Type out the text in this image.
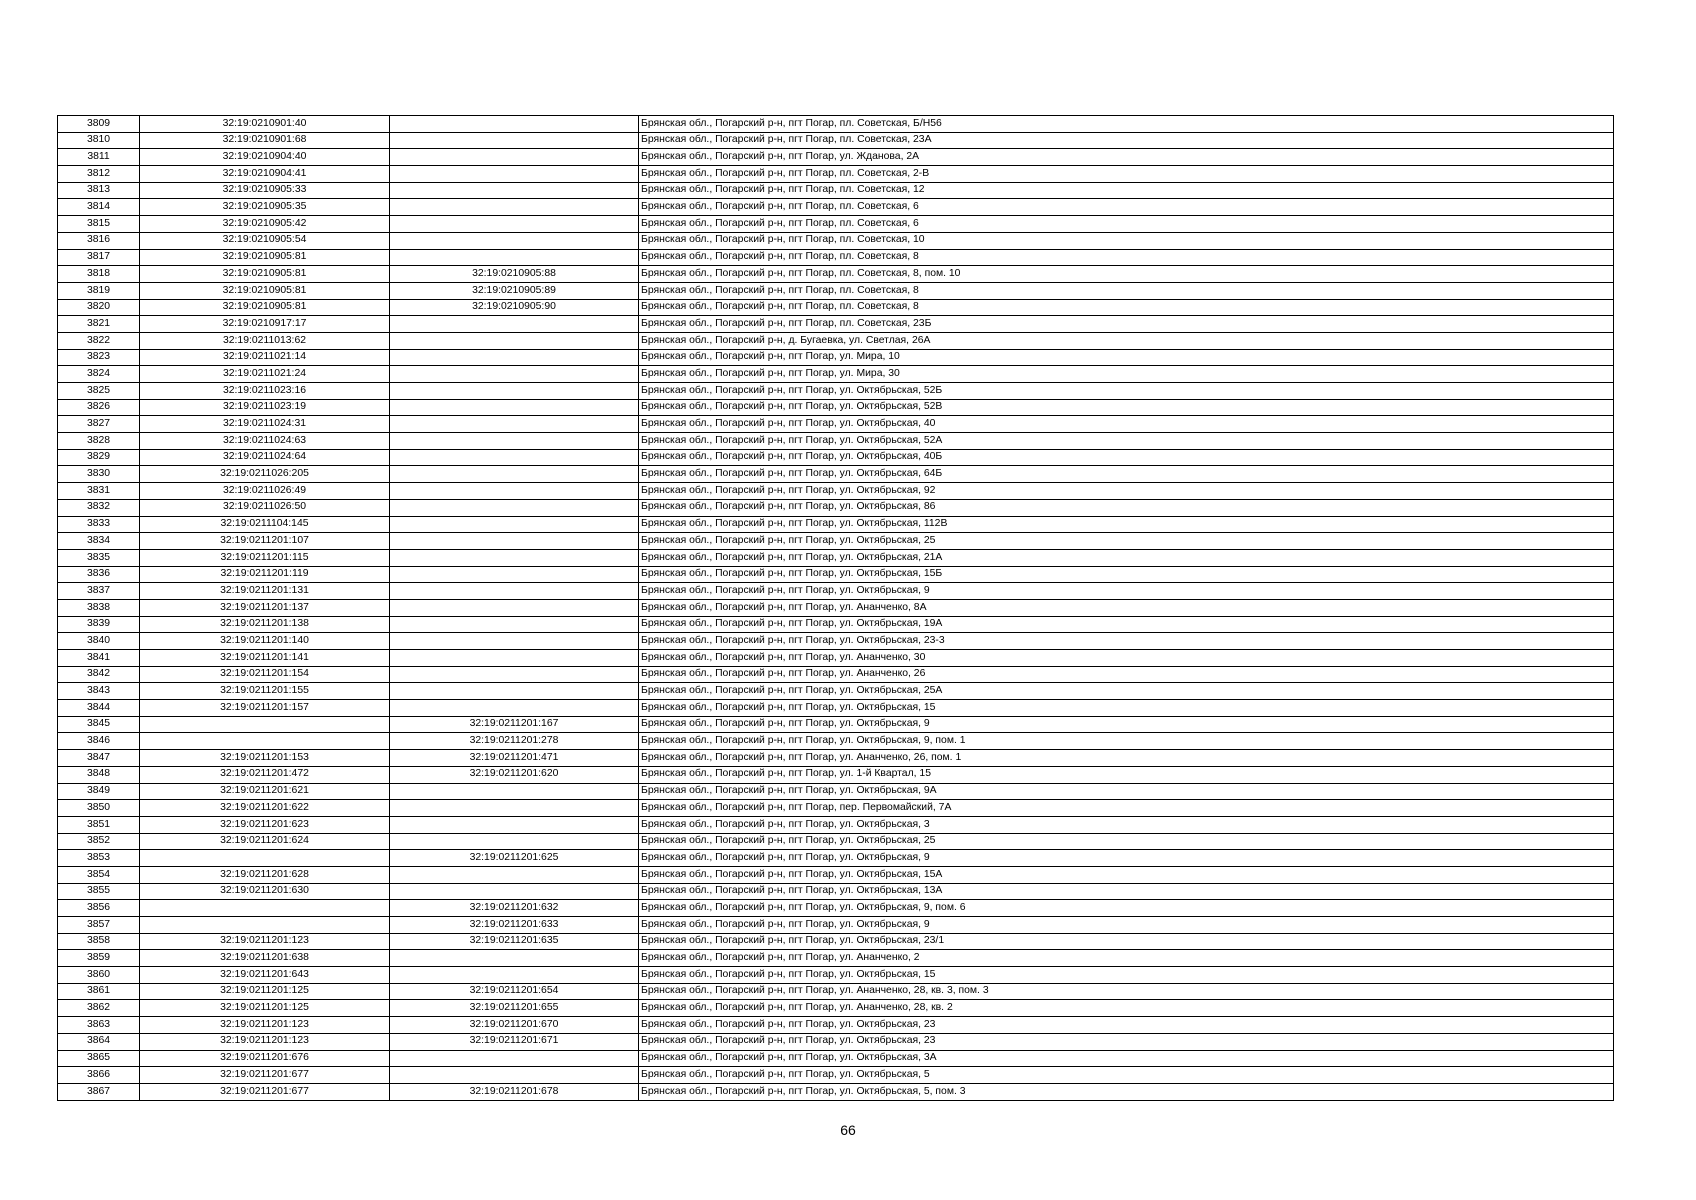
3809	32:19:0210901:40		Брянская обл., Погарский р-н, пгт Погар, пл. Советская, Б/Н56
3810	32:19:0210901:68		Брянская обл., Погарский р-н, пгт Погар, пл. Советская, 23А
3811	32:19:0210904:40		Брянская обл., Погарский р-н, пгт Погар, ул. Жданова, 2А
3812	32:19:0210904:41		Брянская обл., Погарский р-н, пгт Погар, пл. Советская, 2-В
3813	32:19:0210905:33		Брянская обл., Погарский р-н, пгт Погар, пл. Советская, 12
3814	32:19:0210905:35		Брянская обл., Погарский р-н, пгт Погар, пл. Советская, 6
3815	32:19:0210905:42		Брянская обл., Погарский р-н, пгт Погар, пл. Советская, 6
3816	32:19:0210905:54		Брянская обл., Погарский р-н, пгт Погар, пл. Советская, 10
3817	32:19:0210905:81		Брянская обл., Погарский р-н, пгт Погар, пл. Советская, 8
3818	32:19:0210905:81	32:19:0210905:88	Брянская обл., Погарский р-н, пгт Погар, пл. Советская, 8, пом. 10
3819	32:19:0210905:81	32:19:0210905:89	Брянская обл., Погарский р-н, пгт Погар, пл. Советская, 8
3820	32:19:0210905:81	32:19:0210905:90	Брянская обл., Погарский р-н, пгт Погар, пл. Советская, 8
3821	32:19:0210917:17		Брянская обл., Погарский р-н, пгт Погар, пл. Советская, 23Б
3822	32:19:0211013:62		Брянская обл., Погарский р-н, д. Бугаевка, ул. Светлая, 26А
3823	32:19:0211021:14		Брянская обл., Погарский р-н, пгт Погар, ул. Мира, 10
3824	32:19:0211021:24		Брянская обл., Погарский р-н, пгт Погар, ул. Мира, 30
3825	32:19:0211023:16		Брянская обл., Погарский р-н, пгт Погар, ул. Октябрьская, 52Б
3826	32:19:0211023:19		Брянская обл., Погарский р-н, пгт Погар, ул. Октябрьская, 52В
3827	32:19:0211024:31		Брянская обл., Погарский р-н, пгт Погар, ул. Октябрьская, 40
3828	32:19:0211024:63		Брянская обл., Погарский р-н, пгт Погар, ул. Октябрьская, 52А
3829	32:19:0211024:64		Брянская обл., Погарский р-н, пгт Погар, ул. Октябрьская, 40Б
3830	32:19:0211026:205		Брянская обл., Погарский р-н, пгт Погар, ул. Октябрьская, 64Б
3831	32:19:0211026:49		Брянская обл., Погарский р-н, пгт Погар, ул. Октябрьская, 92
3832	32:19:0211026:50		Брянская обл., Погарский р-н, пгт Погар, ул. Октябрьская, 86
3833	32:19:0211104:145		Брянская обл., Погарский р-н, пгт Погар, ул. Октябрьская, 112В
3834	32:19:0211201:107		Брянская обл., Погарский р-н, пгт Погар, ул. Октябрьская, 25
3835	32:19:0211201:115		Брянская обл., Погарский р-н, пгт Погар, ул. Октябрьская, 21А
3836	32:19:0211201:119		Брянская обл., Погарский р-н, пгт Погар, ул. Октябрьская, 15Б
3837	32:19:0211201:131		Брянская обл., Погарский р-н, пгт Погар, ул. Октябрьская, 9
3838	32:19:0211201:137		Брянская обл., Погарский р-н, пгт Погар, ул. Ананченко, 8А
3839	32:19:0211201:138		Брянская обл., Погарский р-н, пгт Погар, ул. Октябрьская, 19А
3840	32:19:0211201:140		Брянская обл., Погарский р-н, пгт Погар, ул. Октябрьская, 23-3
3841	32:19:0211201:141		Брянская обл., Погарский р-н, пгт Погар, ул. Ананченко, 30
3842	32:19:0211201:154		Брянская обл., Погарский р-н, пгт Погар, ул. Ананченко, 26
3843	32:19:0211201:155		Брянская обл., Погарский р-н, пгт Погар, ул. Октябрьская, 25А
3844	32:19:0211201:157		Брянская обл., Погарский р-н, пгт Погар, ул. Октябрьская, 15
3845		32:19:0211201:167	Брянская обл., Погарский р-н, пгт Погар, ул. Октябрьская, 9
3846		32:19:0211201:278	Брянская обл., Погарский р-н, пгт Погар, ул. Октябрьская, 9, пом. 1
3847	32:19:0211201:153	32:19:0211201:471	Брянская обл., Погарский р-н, пгт Погар, ул. Ананченко, 26, пом. 1
3848	32:19:0211201:472	32:19:0211201:620	Брянская обл., Погарский р-н, пгт Погар, ул. 1-й Квартал, 15
3849	32:19:0211201:621		Брянская обл., Погарский р-н, пгт Погар, ул. Октябрьская, 9А
3850	32:19:0211201:622		Брянская обл., Погарский р-н, пгт Погар, пер. Первомайский, 7А
3851	32:19:0211201:623		Брянская обл., Погарский р-н, пгт Погар, ул. Октябрьская, 3
3852	32:19:0211201:624		Брянская обл., Погарский р-н, пгт Погар, ул. Октябрьская, 25
3853		32:19:0211201:625	Брянская обл., Погарский р-н, пгт Погар, ул. Октябрьская, 9
3854	32:19:0211201:628		Брянская обл., Погарский р-н, пгт Погар, ул. Октябрьская, 15А
3855	32:19:0211201:630		Брянская обл., Погарский р-н, пгт Погар, ул. Октябрьская, 13А
3856		32:19:0211201:632	Брянская обл., Погарский р-н, пгт Погар, ул. Октябрьская, 9, пом. 6
3857		32:19:0211201:633	Брянская обл., Погарский р-н, пгт Погар, ул. Октябрьская, 9
3858	32:19:0211201:123	32:19:0211201:635	Брянская обл., Погарский р-н, пгт Погар, ул. Октябрьская, 23/1
3859	32:19:0211201:638		Брянская обл., Погарский р-н, пгт Погар, ул. Ананченко, 2
3860	32:19:0211201:643		Брянская обл., Погарский р-н, пгт Погар, ул. Октябрьская, 15
3861	32:19:0211201:125	32:19:0211201:654	Брянская обл., Погарский р-н, пгт Погар, ул. Ананченко, 28, кв. 3, пом. 3
3862	32:19:0211201:125	32:19:0211201:655	Брянская обл., Погарский р-н, пгт Погар, ул. Ананченко, 28, кв. 2
3863	32:19:0211201:123	32:19:0211201:670	Брянская обл., Погарский р-н, пгт Погар, ул. Октябрьская, 23
3864	32:19:0211201:123	32:19:0211201:671	Брянская обл., Погарский р-н, пгт Погар, ул. Октябрьская, 23
3865	32:19:0211201:676		Брянская обл., Погарский р-н, пгт Погар, ул. Октябрьская, 3А
3866	32:19:0211201:677		Брянская обл., Погарский р-н, пгт Погар, ул. Октябрьская, 5
3867	32:19:0211201:677	32:19:0211201:678	Брянская обл., Погарский р-н, пгт Погар, ул. Октябрьская, 5, пом. 3
66
